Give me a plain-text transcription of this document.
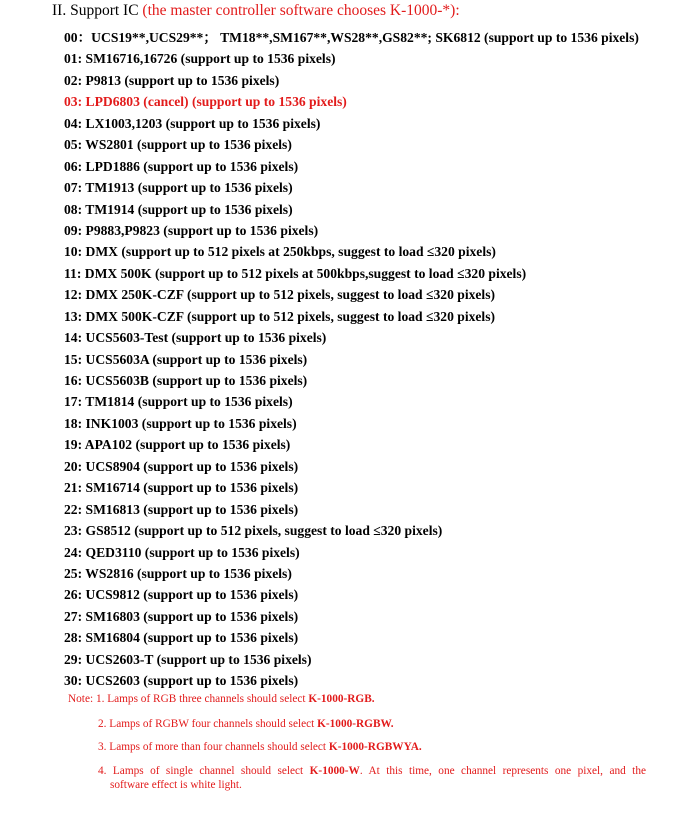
II. Support IC (the master controller software chooses K-1000-*):
00：UCS19**,UCS29**； TM18**,SM167**,WS28**,GS82**; SK6812 (support up to 1536 pixels)
01: SM16716,16726 (support up to 1536 pixels)
02: P9813 (support up to 1536 pixels)
03: LPD6803 (cancel) (support up to 1536 pixels)
04: LX1003,1203 (support up to 1536 pixels)
05: WS2801 (support up to 1536 pixels)
06: LPD1886 (support up to 1536 pixels)
07: TM1913 (support up to 1536 pixels)
08: TM1914 (support up to 1536 pixels)
09: P9883,P9823 (support up to 1536 pixels)
10: DMX (support up to 512 pixels at 250kbps, suggest to load ≤320 pixels)
11: DMX 500K (support up to 512 pixels at 500kbps,suggest to load ≤320 pixels)
12: DMX 250K-CZF (support up to 512 pixels, suggest to load ≤320 pixels)
13: DMX 500K-CZF (support up to 512 pixels, suggest to load ≤320 pixels)
14: UCS5603-Test (support up to 1536 pixels)
15: UCS5603A (support up to 1536 pixels)
16: UCS5603B (support up to 1536 pixels)
17: TM1814 (support up to 1536 pixels)
18: INK1003 (support up to 1536 pixels)
19: APA102 (support up to 1536 pixels)
20: UCS8904 (support up to 1536 pixels)
21: SM16714 (support up to 1536 pixels)
22: SM16813 (support up to 1536 pixels)
23: GS8512 (support up to 512 pixels, suggest to load ≤320 pixels)
24: QED3110 (support up to 1536 pixels)
25: WS2816 (support up to 1536 pixels)
26: UCS9812 (support up to 1536 pixels)
27: SM16803 (support up to 1536 pixels)
28: SM16804 (support up to 1536 pixels)
29: UCS2603-T (support up to 1536 pixels)
30: UCS2603 (support up to 1536 pixels)
Note: 1. Lamps of RGB three channels should select K-1000-RGB.
2. Lamps of RGBW four channels should select K-1000-RGBW.
3. Lamps of more than four channels should select K-1000-RGBWYA.
4. Lamps of single channel should select K-1000-W. At this time, one channel represents one pixel, and the
software effect is white light.
